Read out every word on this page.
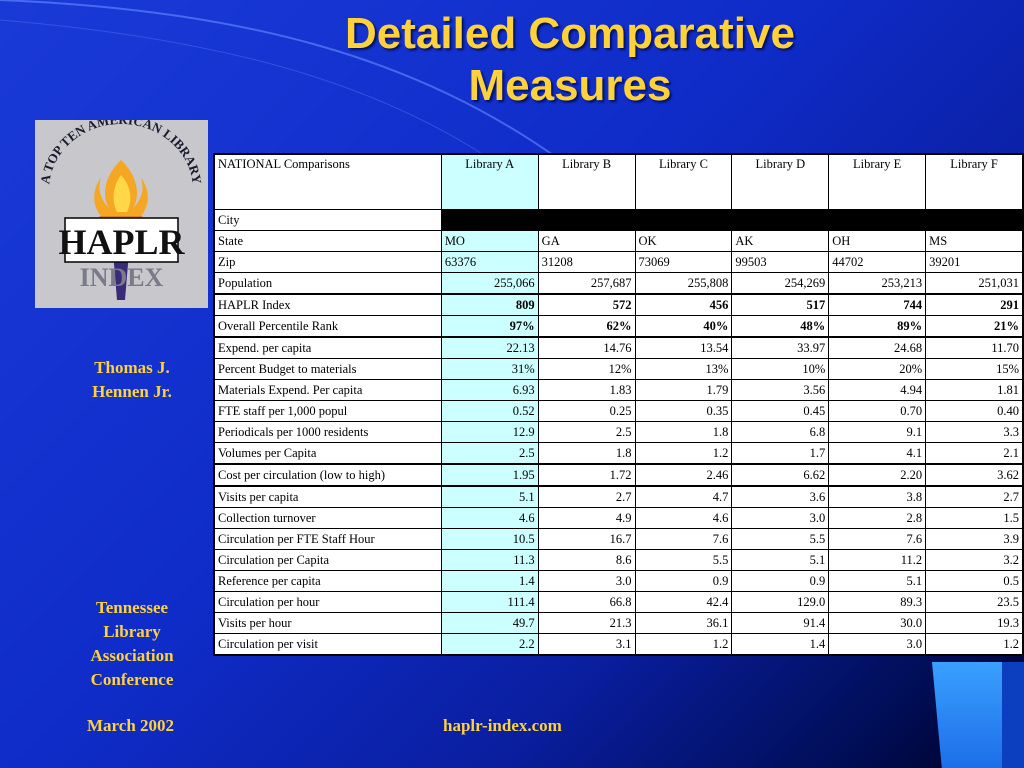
Detailed Comparative
Measures
A TOP TEN AM ICAN LIBRARY
HAPLR
INDEX
Thomas J.
Hennen Jr.
Tennessee
Library
Association
Conference
March 2002	haplr-index.com
NATIONAL Comparisons	Library A	Library B	Library C	Library D	Library E	Library F
City						
State	MO	GA	OK	AK	OH	MS
Zip	63376	31208	73069	99503	44702	39201
Population	255,066	257,687	255,808	254,269	253,213	251,031
HAPLR Index	809	572	456	517	744	291
Overall Percentile Rank	97%	62%	40%	48%	89%	21%
Expend. per capita	22.13	14.76	13.54	33.97	24.68	11.70
Percent Budget to materials	31%	12%	13%	10%	20%	15%
Materials Expend. Per capita	6.93	1.83	1.79	3.56	4.94	1.81
FTE staff per 1,000 popul	0.52	0.25	0.35	0.45	0.70	0.40
Periodicals per 1000 residents	12.9	2.5	1.8	6.8	9.1	3.3
Volumes per Capita	2.5	1.8	1.2	1.7	4.1	2.1
Cost per circulation (low to high)	1.95	1.72	2.46	6.62	2.20	3.62
Visits per capita	5.1	2.7	4.7	3.6	3.8	2.7
Collection turnover	4.6	4.9	4.6	3.0	2.8	1.5
Circulation per FTE Staff Hour	10.5	16.7	7.6	5.5	7.6	3.9
Circulation per Capita	11.3	8.6	5.5	5.1	11.2	3.2
Reference per capita	1.4	3.0	0.9	0.9	5.1	0.5
Circulation per hour	111.4	66.8	42.4	129.0	89.3	23.5
Visits per hour	49.7	21.3	36.1	91.4	30.0	19.3
Circulation per visit	2.2	3.1	1.2	1.4	3.0	1.2
